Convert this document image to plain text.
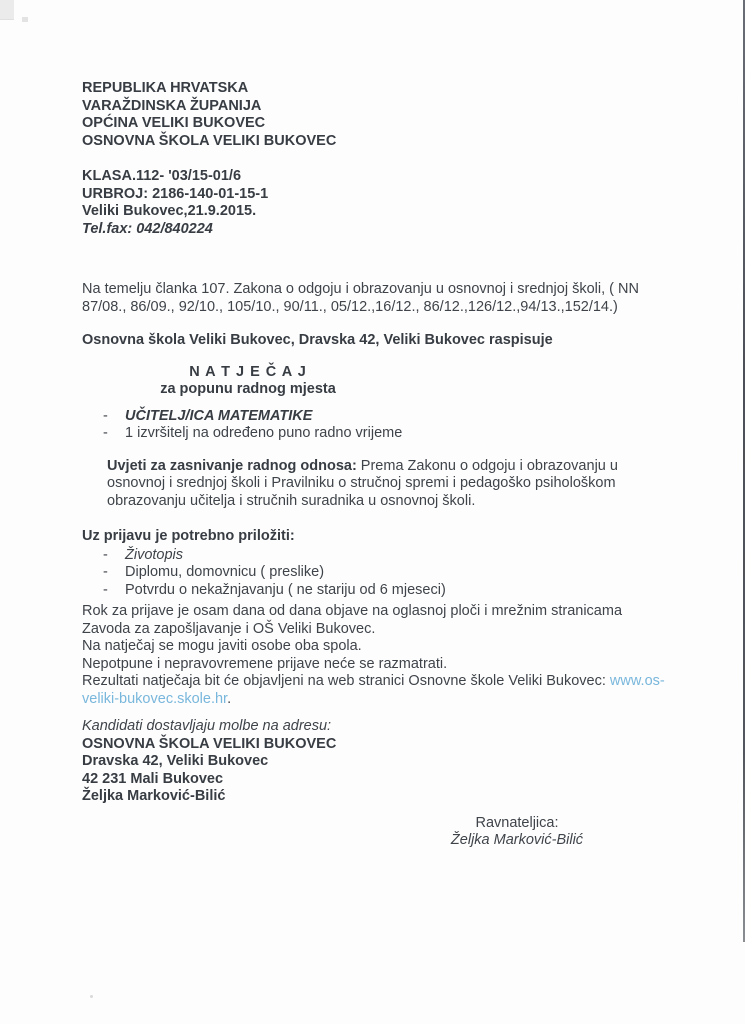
REPUBLIKA HRVATSKA
VARAŽDINSKA ŽUPANIJA
OPĆINA VELIKI BUKOVEC
OSNOVNA ŠKOLA VELIKI BUKOVEC
KLASA.112- '03/15-01/6
URBROJ: 2186-140-01-15-1
Veliki Bukovec,21.9.2015.
Tel.fax: 042/840224
Na temelju članka 107. Zakona o odgoju i obrazovanju u osnovnoj i srednjoj školi, ( NN 87/08., 86/09., 92/10., 105/10., 90/11., 05/12.,16/12., 86/12.,126/12.,94/13.,152/14.)
Osnovna škola Veliki Bukovec, Dravska 42, Veliki Bukovec raspisuje
N A T J E Č A J
za popunu radnog mjesta
-	UČITELJ/ICA MATEMATIKE
-	1 izvršitelj na određeno puno radno vrijeme
Uvjeti za zasnivanje radnog odnosa: Prema Zakonu o odgoju i obrazovanju u osnovnoj i srednjoj školi i Pravilniku o stručnoj spremi i pedagoško psihološkom obrazovanju učitelja i stručnih suradnika u osnovnoj školi.
Uz prijavu je potrebno priložiti:
-	Životopis
-	Diplomu, domovnicu ( preslike)
-	Potvrdu o nekažnjavanju ( ne stariju od 6 mjeseci)

Rok za prijave je osam dana od dana objave na oglasnoj ploči i mrežnim stranicama Zavoda za zapošljavanje i OŠ Veliki Bukovec.

Na natječaj se mogu javiti osobe oba spola.

Nepotpune i nepravovremene prijave neće se razmatrati.

Rezultati natječaja bit će objavljeni na web stranici Osnovne škole Veliki Bukovec: www.os-veliki-bukovec.skole.hr.

Kandidati dostavljaju molbe na adresu:
OSNOVNA ŠKOLA VELIKI BUKOVEC
Dravska 42, Veliki Bukovec
42 231 Mali Bukovec
Željka Marković-Bilić
Ravnateljica:
Željka Marković-Bilić
